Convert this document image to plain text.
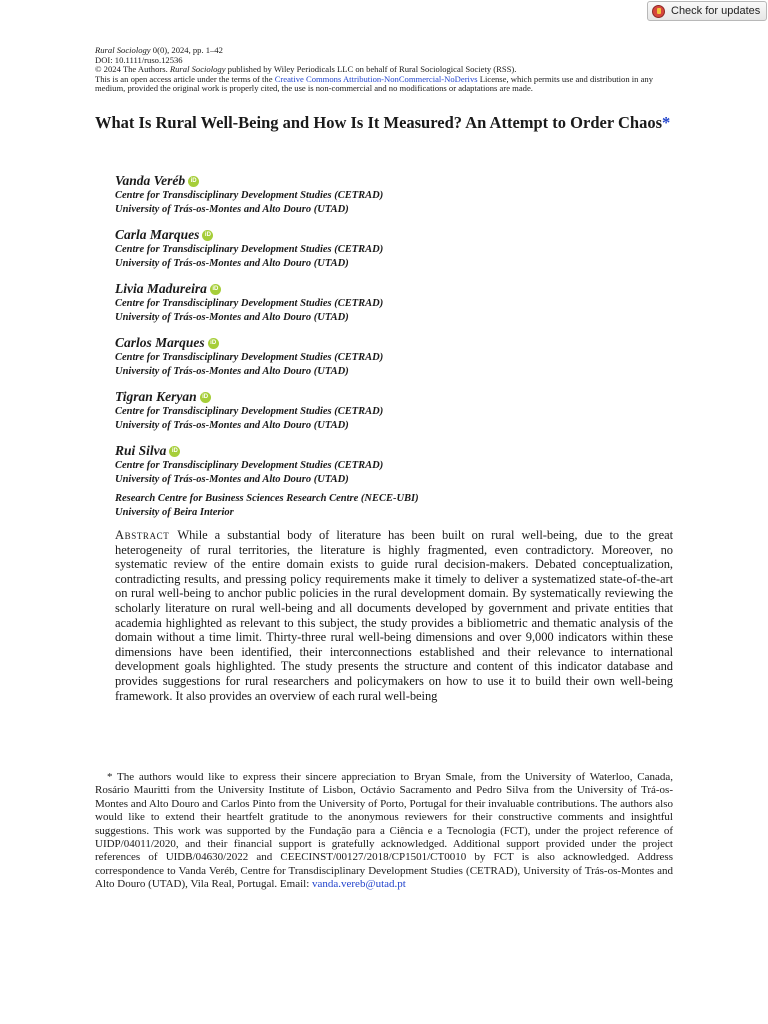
Check for updates
Rural Sociology 0(0), 2024, pp. 1–42
DOI: 10.1111/ruso.12536
© 2024 The Authors. Rural Sociology published by Wiley Periodicals LLC on behalf of Rural Sociological Society (RSS).
This is an open access article under the terms of the Creative Commons Attribution-NonCommercial-NoDerivs License, which permits use and distribution in any medium, provided the original work is properly cited, the use is non-commercial and no modifications or adaptations are made.
What Is Rural Well-Being and How Is It Measured? An Attempt to Order Chaos*
Vanda Veréb iD
Centre for Transdisciplinary Development Studies (CETRAD)
University of Trás-os-Montes and Alto Douro (UTAD)
Carla Marques iD
Centre for Transdisciplinary Development Studies (CETRAD)
University of Trás-os-Montes and Alto Douro (UTAD)
Livia Madureira iD
Centre for Transdisciplinary Development Studies (CETRAD)
University of Trás-os-Montes and Alto Douro (UTAD)
Carlos Marques iD
Centre for Transdisciplinary Development Studies (CETRAD)
University of Trás-os-Montes and Alto Douro (UTAD)
Tigran Keryan iD
Centre for Transdisciplinary Development Studies (CETRAD)
University of Trás-os-Montes and Alto Douro (UTAD)
Rui Silva iD
Centre for Transdisciplinary Development Studies (CETRAD)
University of Trás-os-Montes and Alto Douro (UTAD)
Research Centre for Business Sciences Research Centre (NECE-UBI)
University of Beira Interior

Abstract While a substantial body of literature has been built on rural well-being, due to the great heterogeneity of rural territories, the literature is highly fragmented, even contradictory. Moreover, no systematic review of the entire domain exists to guide rural decision-makers. Debated conceptualization, contradicting results, and pressing policy requirements make it timely to deliver a systematized state-of-the-art on rural well-being to anchor public policies in the rural development domain. By systematically reviewing the scholarly literature on rural well-being and all documents developed by government and private entities that academia highlighted as relevant to this subject, the study provides a bibliometric and thematic analysis of the domain without a time limit. Thirty-three rural well-being dimensions and over 9,000 indicators within these dimensions have been identified, their interconnections established and their relevance to international development goals highlighted. The study presents the structure and content of this indicator database and provides suggestions for rural researchers and policymakers on how to use it to build their own well-being framework. It also provides an overview of each rural well-being

* The authors would like to express their sincere appreciation to Bryan Smale, from the University of Waterloo, Canada, Rosário Mauritti from the University Institute of Lisbon, Octávio Sacramento and Pedro Silva from the University of Trá-os-Montes and Alto Douro and Carlos Pinto from the University of Porto, Portugal for their invaluable contributions. The authors also would like to extend their heartfelt gratitude to the anonymous reviewers for their constructive comments and insightful suggestions. This work was supported by the Fundação para a Ciência e a Tecnologia (FCT), under the project reference of UIDP/04011/2020, and their financial support is gratefully acknowledged. Additional support provided under the project references of UIDB/04630/2022 and CEECINST/00127/2018/CP1501/CT0010 by FCT is also acknowledged. Address correspondence to Vanda Veréb, Centre for Transdisciplinary Development Studies (CETRAD), University of Trás-os-Montes and Alto Douro (UTAD), Vila Real, Portugal. Email: vanda.vereb@utad.pt
